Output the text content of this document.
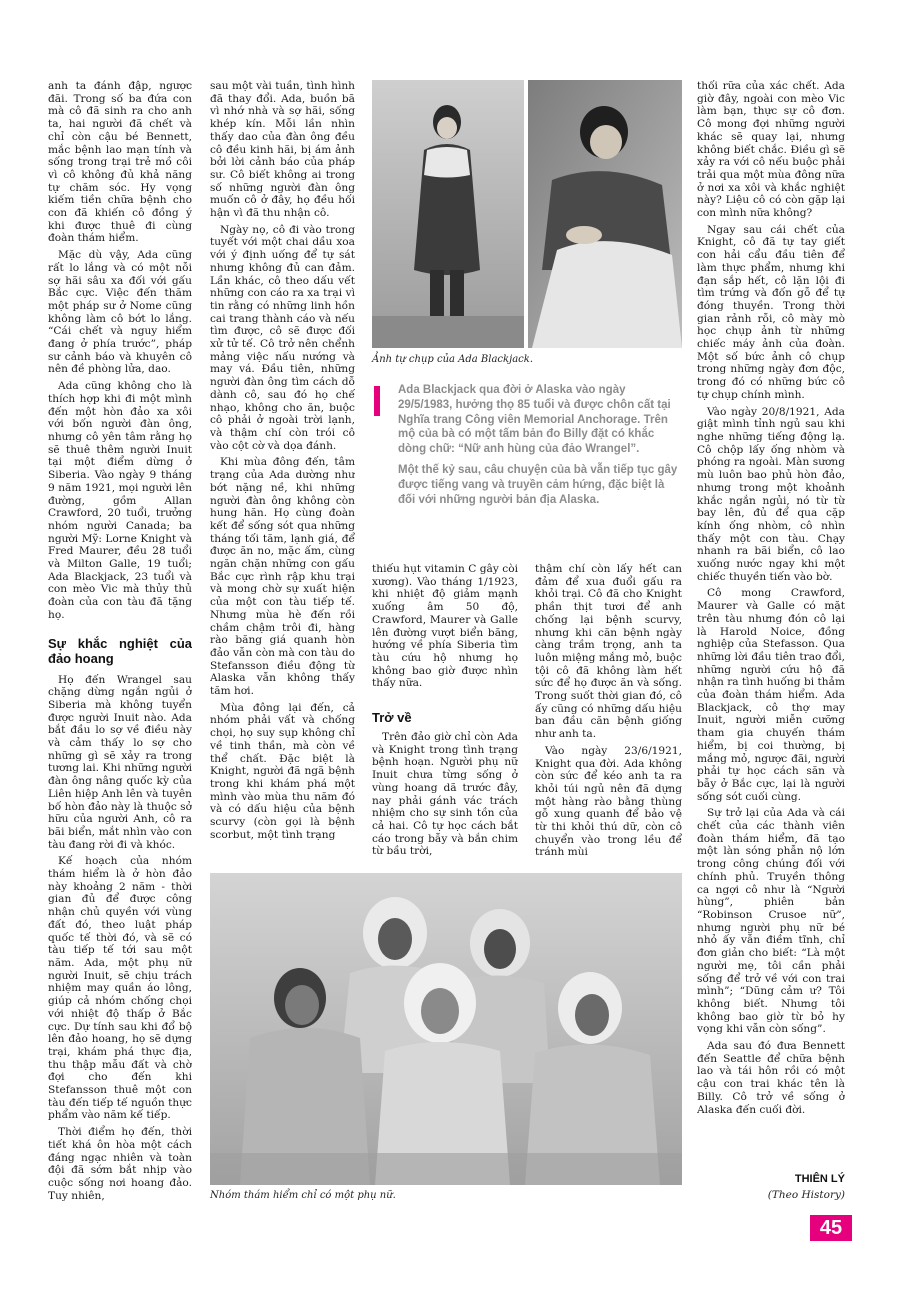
anh ta đánh đập, ngược đãi. Trong số ba đứa con mà cô đã sinh ra cho anh ta, hai người đã chết và chỉ còn cậu bé Bennett, mắc bệnh lao mạn tính và sống trong trại trẻ mồ côi vì cô không đủ khả năng tự chăm sóc. Hy vọng kiếm tiền chữa bệnh cho con đã khiến cô đồng ý khi được thuê đi cùng đoàn thám hiểm.

Mặc dù vậy, Ada cũng rất lo lắng và có một nỗi sợ hãi sâu xa đối với gấu Bắc cực. Việc đến thăm một pháp sư ở Nome cũng không làm cô bớt lo lắng. “Cái chết và nguy hiểm đang ở phía trước”, pháp sư cảnh báo và khuyên cô nên đề phòng lửa, dao.

Ada cũng không cho là thích hợp khi đi một mình đến một hòn đảo xa xôi với bốn người đàn ông, nhưng cô yên tâm rằng họ sẽ thuê thêm người Inuit tại một điểm dừng ở Siberia. Vào ngày 9 tháng 9 năm 1921, mọi người lên đường, gồm Allan Crawford, 20 tuổi, trưởng nhóm người Canada; ba người Mỹ: Lorne Knight và Fred Maurer, đều 28 tuổi và Milton Galle, 19 tuổi; Ada Blackjack, 23 tuổi và con mèo Vic mà thủy thủ đoàn của con tàu đã tặng họ.

Sự khắc nghiệt của đảo hoang

Họ đến Wrangel sau chặng dừng ngắn ngủi ở Siberia mà không tuyển được người Inuit nào. Ada bắt đầu lo sợ về điều này và cảm thấy lo sợ cho những gì sẽ xảy ra trong tương lai. Khi những người đàn ông nâng quốc kỳ của Liên hiệp Anh lên và tuyên bố hòn đảo này là thuộc sở hữu của người Anh, cô ra bãi biển, mắt nhìn vào con tàu đang rời đi và khóc.

Kế hoạch của nhóm thám hiểm là ở hòn đảo này khoảng 2 năm - thời gian đủ để được công nhận chủ quyền với vùng đất đó, theo luật pháp quốc tế thời đó, và sẽ có tàu tiếp tế tới sau một năm. Ada, một phụ nữ người Inuit, sẽ chịu trách nhiệm may quần áo lông, giúp cả nhóm chống chọi với nhiệt độ thấp ở Bắc cực. Dự tính sau khi đổ bộ lên đảo hoang, họ sẽ dựng trại, khám phá thực địa, thu thập mẫu đất và chờ đợi cho đến khi Stefansson thuê một con tàu đến tiếp tế nguồn thực phẩm vào năm kế tiếp.

Thời điểm họ đến, thời tiết khá ôn hòa một cách đáng ngạc nhiên và toàn đội đã sớm bắt nhịp vào cuộc sống nơi hoang đảo. Tuy nhiên,

sau một vài tuần, tình hình đã thay đổi. Ada, buồn bã vì nhớ nhà và sợ hãi, sống khép kín. Mỗi lần nhìn thấy dao của đàn ông đều cô đều kinh hãi, bị ám ảnh bởi lời cảnh báo của pháp sư. Cô biết không ai trong số những người đàn ông muốn cô ở đây, họ đều hối hận vì đã thu nhận cô.

Ngày nọ, cô đi vào trong tuyết với một chai dầu xoa với ý định uống để tự sát nhưng không đủ can đảm. Lần khác, cô theo dấu vết những con cáo ra xa trại vì tin rằng có những linh hồn cai trang thành cáo và nếu tìm được, cô sẽ được đối xử tử tế. Cô trở nên chểnh mảng việc nấu nướng và may vá. Đầu tiên, những người đàn ông tìm cách dỗ dành cô, sau đó họ chế nhạo, không cho ăn, buộc cô phải ở ngoài trời lạnh, và thậm chí còn trói cô vào cột cờ và dọa đánh.

Khi mùa đông đến, tâm trạng của Ada dường như bớt nặng nề, khi những người đàn ông không còn hung hăn. Họ cùng đoàn kết để sống sót qua những tháng tối tăm, lạnh giá, để được ăn no, mặc ấm, cùng ngăn chặn những con gấu Bắc cực rình rập khu trại và mong chờ sự xuất hiện của một con tàu tiếp tế. Nhưng mùa hè đến rồi chầm chậm trôi đi, hàng rào băng giá quanh hòn đảo vẫn còn mà con tàu do Stefansson điều động từ Alaska vẫn không thấy tăm hơi.

Mùa đông lại đến, cả nhóm phải vất và chống chọi, họ suy sụp không chỉ về tinh thần, mà còn về thể chất. Đặc biệt là Knight, người đã ngã bệnh trong khi khám phá một mình vào mùa thu năm đó và có dấu hiệu của bệnh scurvy (còn gọi là bệnh scorbut, một tình trạng

Ảnh tự chụp của Ada Blackjack.

Ada Blackjack qua đời ở Alaska vào ngày 29/5/1983, hưởng thọ 85 tuổi và được chôn cất tại Nghĩa trang Công viên Memorial Anchorage. Trên mộ của bà có một tấm bản đo Billy đặt có khắc dòng chữ: “Nữ anh hùng của đảo Wrangel”.

Một thế kỷ sau, câu chuyện của bà vẫn tiếp tục gây được tiếng vang và truyền cảm hứng, đặc biệt là đối với những người bản địa Alaska.

thiếu hụt vitamin C gây còi xương). Vào tháng 1/1923, khi nhiệt độ giảm mạnh xuống âm 50 độ, Crawford, Maurer và Galle lên đường vượt biển băng, hướng về phía Siberia tìm tàu cứu hộ nhưng họ không bao giờ được nhìn thấy nữa.

Trở về

Trên đảo giờ chỉ còn Ada và Knight trong tình trạng bệnh hoạn. Người phụ nữ Inuit chưa từng sống ở vùng hoang dã trước đây, nay phải gánh vác trách nhiệm cho sự sinh tồn của cả hai. Cô tự học cách bắt cáo trong bẫy và bắn chim từ bầu trời,

thậm chí còn lấy hết can đảm để xua đuổi gấu ra khỏi trại. Cô đã cho Knight phần thịt tươi để anh chống lại bệnh scurvy, nhưng khi căn bệnh ngày càng trầm trọng, anh ta luôn miệng mắng mỏ, buộc tội cô đã không làm hết sức để họ được ăn và sống. Trong suốt thời gian đó, cô ấy cũng có những dấu hiệu ban đầu căn bệnh giống như anh ta.

Vào ngày 23/6/1921, Knight qua đời. Ada không còn sức để kéo anh ta ra khỏi túi ngủ nên đã dựng một hàng rào bằng thùng gỗ xung quanh để bảo vệ từ thi khỏi thú dữ, còn cô chuyển vào trong lều để tránh mùi

thối rữa của xác chết. Ada giờ đây, ngoài con mèo Vic làm bạn, thực sự cô đơn. Cô mong đợi những người khác sẽ quay lại, nhưng không biết chắc. Điều gì sẽ xảy ra với cô nếu buộc phải trải qua một mùa đông nữa ở nơi xa xôi và khắc nghiệt này? Liệu cô có còn gặp lại con mình nữa không?

Ngay sau cái chết của Knight, cô đã tự tay giết con hải cẩu đầu tiên để làm thực phẩm, nhưng khi đạn sắp hết, cô lặn lội đi tìm trứng và đốn gỗ để tự đóng thuyền. Trong thời gian rảnh rỗi, cô mày mò học chụp ảnh từ những chiếc máy ảnh của đoàn. Một số bức ảnh cô chụp trong những ngày đơn độc, trong đó có những bức cô tự chụp chính mình.

Vào ngày 20/8/1921, Ada giật mình tỉnh ngủ sau khi nghe những tiếng động lạ. Cô chộp lấy ống nhòm và phóng ra ngoài. Màn sương mù luôn bao phủ hòn đảo, nhưng trong một khoảnh khắc ngắn ngủi, nó từ từ bay lên, đủ để qua cặp kính ống nhòm, cô nhìn thấy một con tàu. Chạy nhanh ra bãi biển, cô lao xuống nước ngay khi một chiếc thuyền tiến vào bờ.

Cô mong Crawford, Maurer và Galle có mặt trên tàu nhưng đón cô lại là Harold Noice, đồng nghiệp của Stefasson. Qua những lời đầu tiên trao đổi, những người cứu hộ đã nhận ra tình huống bi thảm của đoàn thám hiểm. Ada Blackjack, cô thợ may Inuit, người miễn cưỡng tham gia chuyến thám hiểm, bị coi thường, bị mắng mỏ, ngược đãi, người phải tự học cách săn và bẫy ở Bắc cực, lại là người sống sót cuối cùng.

Sự trở lại của Ada và cái chết của các thành viên đoàn thám hiểm, đã tạo một làn sóng phẫn nộ lớn trong công chúng đối với chính phủ. Truyền thông ca ngợi cô như là “Người hùng”, phiên bản “Robinson Crusoe nữ”, nhưng người phụ nữ bé nhỏ ấy vẫn điềm tĩnh, chỉ đơn giản cho biết: “Là một người mẹ, tôi cần phải sống để trở về với con trai mình”; “Dũng cảm ư? Tôi không biết. Nhưng tôi không bao giờ từ bỏ hy vọng khi vẫn còn sống”.

Ada sau đó đưa Bennett đến Seattle để chữa bệnh lao và tái hôn rồi có một cậu con trai khác tên là Billy. Cô trở về sống ở Alaska đến cuối đời.

Nhóm thám hiểm chỉ có một phụ nữ.
THIÊN LÝ
(Theo History)
45
